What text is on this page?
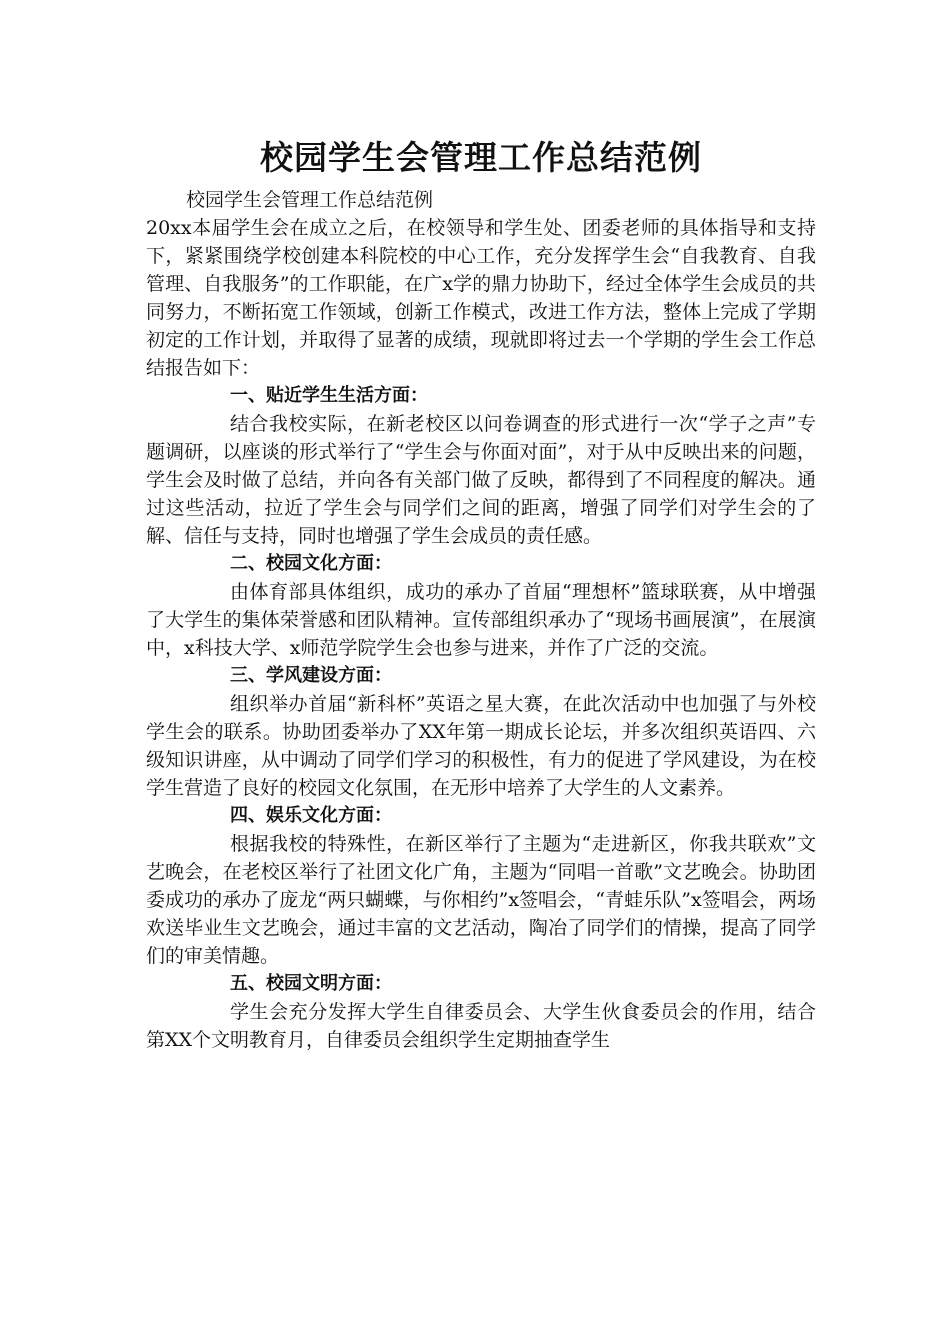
校园学生会管理工作总结范例

校园学生会管理工作总结范例

20xx本届学生会在成立之后，在校领导和学生处、团委老师的具体指导和支持下，紧紧围绕学校创建本科院校的中心工作，充分发挥学生会“自我教育、自我管理、自我服务”的工作职能，在广x学的鼎力协助下，经过全体学生会成员的共同努力，不断拓宽工作领域，创新工作模式，改进工作方法，整体上完成了学期初定的工作计划，并取得了显著的成绩，现就即将过去一个学期的学生会工作总结报告如下：

一、贴近学生生活方面：

结合我校实际，在新老校区以问卷调查的形式进行一次“学子之声”专题调研，以座谈的形式举行了“学生会与你面对面”，对于从中反映出来的问题，学生会及时做了总结，并向各有关部门做了反映，都得到了不同程度的解决。通过这些活动，拉近了学生会与同学们之间的距离，增强了同学们对学生会的了解、信任与支持，同时也增强了学生会成员的责任感。

二、校园文化方面：

由体育部具体组织，成功的承办了首届“理想杯”篮球联赛，从中增强了大学生的集体荣誉感和团队精神。宣传部组织承办了“现场书画展演”，在展演中，x科技大学、x师范学院学生会也参与进来，并作了广泛的交流。

三、学风建设方面：

组织举办首届“新科杯”英语之星大赛，在此次活动中也加强了与外校学生会的联系。协助团委举办了XX年第一期成长论坛，并多次组织英语四、六级知识讲座，从中调动了同学们学习的积极性，有力的促进了学风建设，为在校学生营造了良好的校园文化氛围，在无形中培养了大学生的人文素养。

四、娱乐文化方面：

根据我校的特殊性，在新区举行了主题为“走进新区，你我共联欢”文艺晚会，在老校区举行了社团文化广角，主题为“同唱一首歌”文艺晚会。协助团委成功的承办了庞龙“两只蝴蝶，与你相约”x签唱会，“青蛙乐队”x签唱会，两场欢送毕业生文艺晚会，通过丰富的文艺活动，陶冶了同学们的情操，提高了同学们的审美情趣。

五、校园文明方面：

学生会充分发挥大学生自律委员会、大学生伙食委员会的作用，结合第XX个文明教育月，自律委员会组织学生定期抽查学生
